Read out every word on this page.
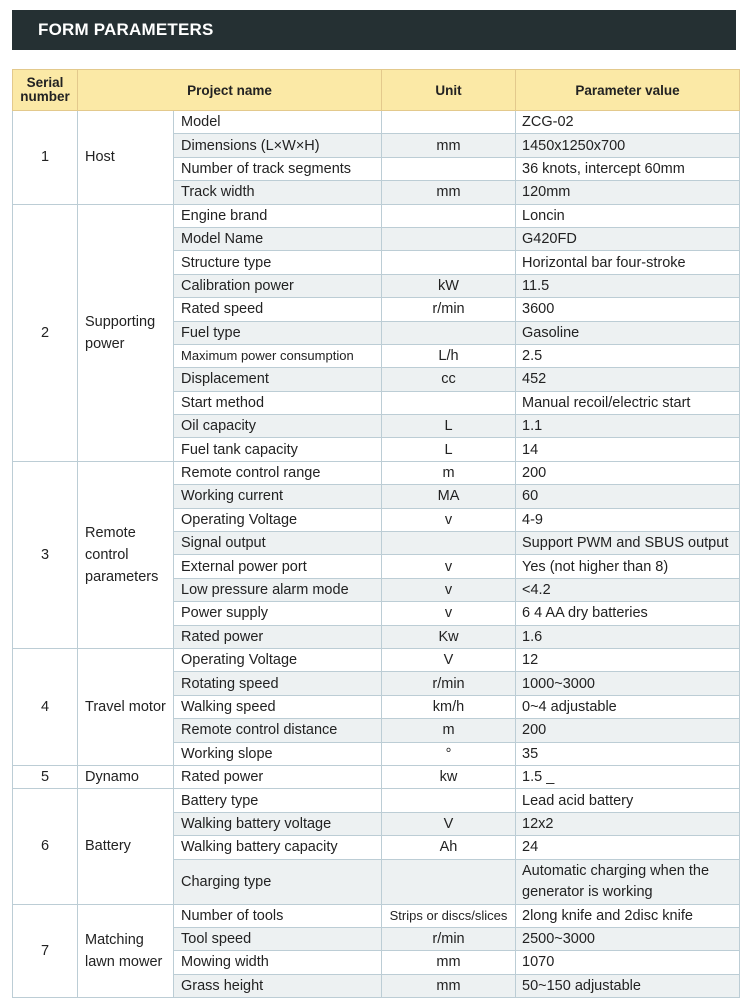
FORM PARAMETERS
Serial number	Project name		Unit	Parameter value
1	Host	Model		ZCG-02
		Dimensions (L×W×H)	mm	1450x1250x700
		Number of track segments		36 knots, intercept 60mm
		Track width	mm	120mm
2	Supporting power	Engine brand		Loncin
		Model Name		G420FD
		Structure type		Horizontal bar four-stroke
		Calibration power	kW	11.5
		Rated speed	r/min	3600
		Fuel type		Gasoline
		Maximum power consumption	L/h	2.5
		Displacement	cc	452
		Start method		Manual recoil/electric start
		Oil capacity	L	1.1
		Fuel tank capacity	L	14
3	Remote control parameters	Remote control range	m	200
		Working current	MA	60
		Operating Voltage	v	4-9
		Signal output		Support PWM and SBUS output
		External power port	v	Yes (not higher than 8)
		Low pressure alarm mode	v	<4.2
		Power supply	v	6 4 AA dry batteries
		Rated power	Kw	1.6
4	Travel motor	Operating Voltage	V	12
		Rotating speed	r/min	1000~3000
		Walking speed	km/h	0~4 adjustable
		Remote control distance	m	200
		Working slope	°	35
5	Dynamo	Rated power	kw	1.5 _
6	Battery	Battery type		Lead acid battery
		Walking battery voltage	V	12x2
		Walking battery capacity	Ah	24
		Charging type		Automatic charging when the generator is working
7	Matching lawn mower	Number of tools	Strips or discs/slices	2long knife and 2disc knife
		Tool speed	r/min	2500~3000
		Mowing width	mm	1070
		Grass height	mm	50~150 adjustable
